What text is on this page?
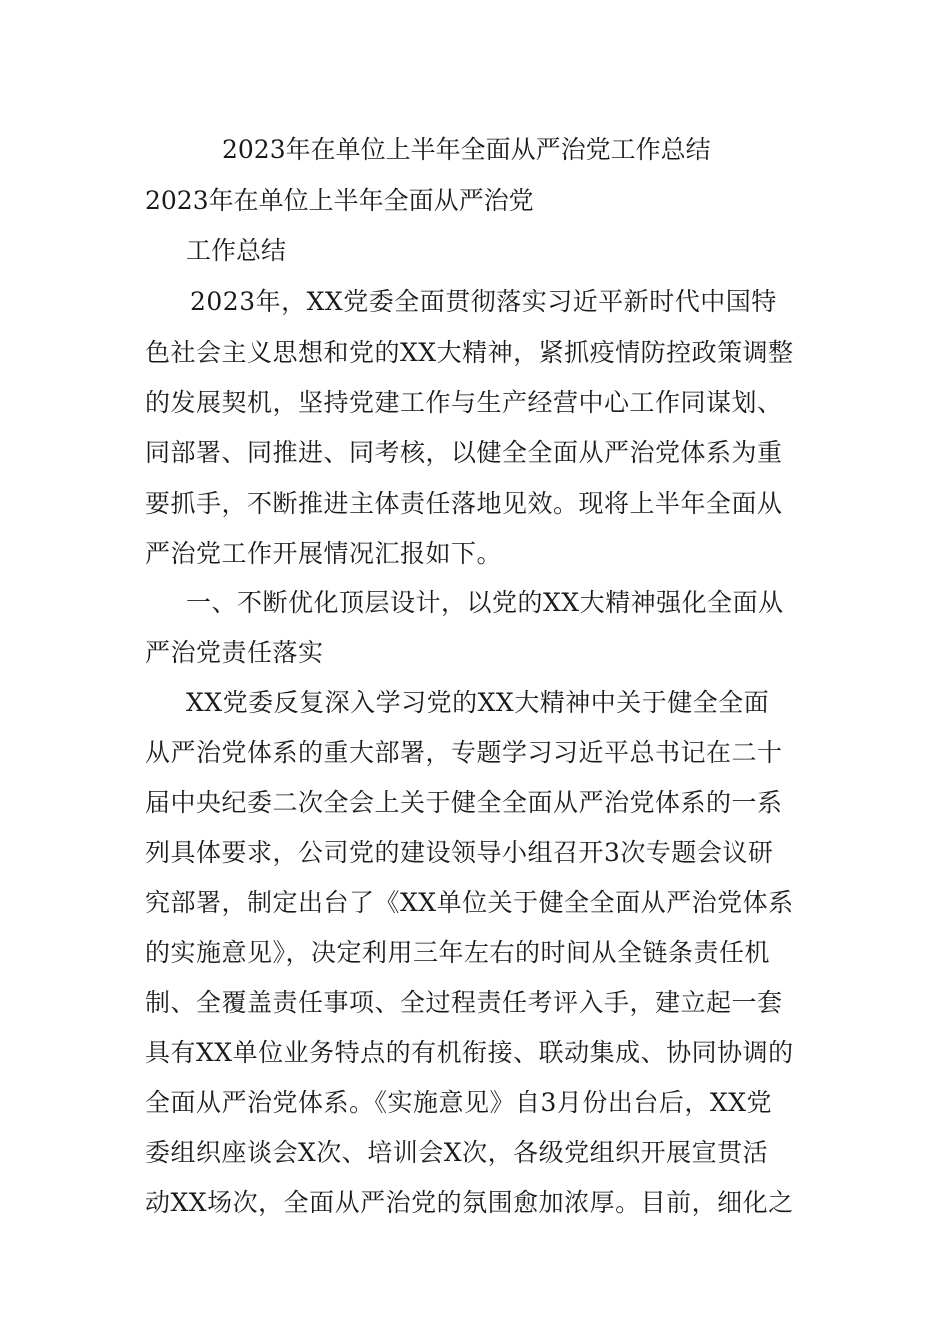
2023年在单位上半年全面从严治党工作总结
2023年在单位上半年全面从严治党
工作总结
2023年，XX党委全面贯彻落实习近平新时代中国特
色社会主义思想和党的XX大精神，紧抓疫情防控政策调整
的发展契机，坚持党建工作与生产经营中心工作同谋划、
同部署、同推进、同考核，以健全全面从严治党体系为重
要抓手，不断推进主体责任落地见效。现将上半年全面从
严治党工作开展情况汇报如下。
一、不断优化顶层设计，以党的XX大精神强化全面从
严治党责任落实
XX党委反复深入学习党的XX大精神中关于健全全面
从严治党体系的重大部署，专题学习习近平总书记在二十
届中央纪委二次全会上关于健全全面从严治党体系的一系
列具体要求，公司党的建设领导小组召开3次专题会议研
究部署，制定出台了《XX单位关于健全全面从严治党体系
的实施意见》，决定利用三年左右的时间从全链条责任机
制、全覆盖责任事项、全过程责任考评入手，建立起一套
具有XX单位业务特点的有机衔接、联动集成、协同协调的
全面从严治党体系。《实施意见》自3月份出台后，XX党
委组织座谈会X次、培训会X次，各级党组织开展宣贯活
动XX场次，全面从严治党的氛围愈加浓厚。目前，细化之
